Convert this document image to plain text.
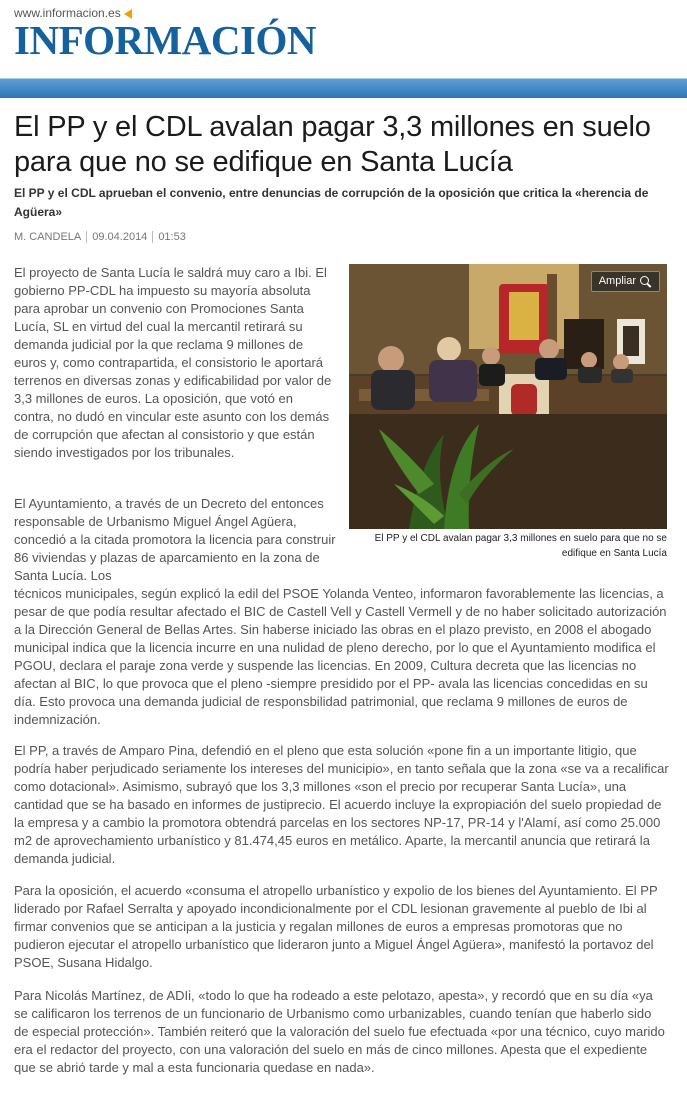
www.informacion.es
INFORMACIÓN
El PP y el CDL avalan pagar 3,3 millones en suelo para que no se edifique en Santa Lucía

El PP y el CDL aprueban el convenio, entre denuncias de corrupción de la oposición que critica la «herencia de Agüera»

M. CANDELA 09.04.2014 01:53
Ampliar
El PP y el CDL avalan pagar 3,3 millones en suelo para que no se edifique en Santa Lucía

El proyecto de Santa Lucía le saldrá muy caro a Ibi. El gobierno PP-CDL ha impuesto su mayoría absoluta para aprobar un convenio con Promociones Santa Lucía, SL en virtud del cual la mercantil retirará su demanda judicial por la que reclama 9 millones de euros y, como contrapartida, el consistorio le aportará terrenos en diversas zonas y edificabilidad por valor de 3,3 millones de euros. La oposición, que votó en contra, no dudó en vincular este asunto con los demás de corrupción que afectan al consistorio y que están siendo investigados por los tribunales.

El Ayuntamiento, a través de un Decreto del entonces responsable de Urbanismo Miguel Ángel Agüera, concedió a la citada promotora la licencia para construir 86 viviendas y plazas de aparcamiento en la zona de Santa Lucía. Los

técnicos municipales, según explicó la edil del PSOE Yolanda Venteo, informaron favorablemente las licencias, a pesar de que podía resultar afectado el BIC de Castell Vell y Castell Vermell y de no haber solicitado autorización a la Dirección General de Bellas Artes. Sin haberse iniciado las obras en el plazo previsto, en 2008 el abogado municipal indica que la licencia incurre en una nulidad de pleno derecho, por lo que el Ayuntamiento modifica el PGOU, declara el paraje zona verde y suspende las licencias. En 2009, Cultura decreta que las licencias no afectan al BIC, lo que provoca que el pleno -siempre presidido por el PP- avala las licencias concedidas en su día. Esto provoca una demanda judicial de responsbilidad patrimonial, que reclama 9 millones de euros de indemnización.

El PP, a través de Amparo Pina, defendió en el pleno que esta solución «pone fin a un importante litigio, que podría haber perjudicado seriamente los intereses del municipio», en tanto señala que la zona «se va a recalificar como dotacional». Asimismo, subrayó que los 3,3 millones «son el precio por recuperar Santa Lucía», una cantidad que se ha basado en informes de justiprecio. El acuerdo incluye la expropiación del suelo propiedad de la empresa y a cambio la promotora obtendrá parcelas en los sectores NP-17, PR-14 y l'Alamí, así como 25.000 m2 de aprovechamiento urbanístico y 81.474,45 euros en metálico. Aparte, la mercantil anuncia que retirará la demanda judicial.

Para la oposición, el acuerdo «consuma el atropello urbanístico y expolio de los bienes del Ayuntamiento. El PP liderado por Rafael Serralta y apoyado incondicionalmente por el CDL lesionan gravemente al pueblo de Ibi al firmar convenios que se anticipan a la justicia y regalan millones de euros a empresas promotoras que no pudieron ejecutar el atropello urbanístico que lideraron junto a Miguel Ángel Agüera», manifestó la portavoz del PSOE, Susana Hidalgo.

Para Nicolás Martínez, de ADIi, «todo lo que ha rodeado a este pelotazo, apesta», y recordó que en su día «ya se calificaron los terrenos de un funcionario de Urbanismo como urbanizables, cuando tenían que haberlo sido de especial protección». También reiteró que la valoración del suelo fue efectuada «por una técnico, cuyo marido era el redactor del proyecto, con una valoración del suelo en más de cinco millones. Apesta que el expediente que se abrió tarde y mal a esta funcionaria quedase en nada».
